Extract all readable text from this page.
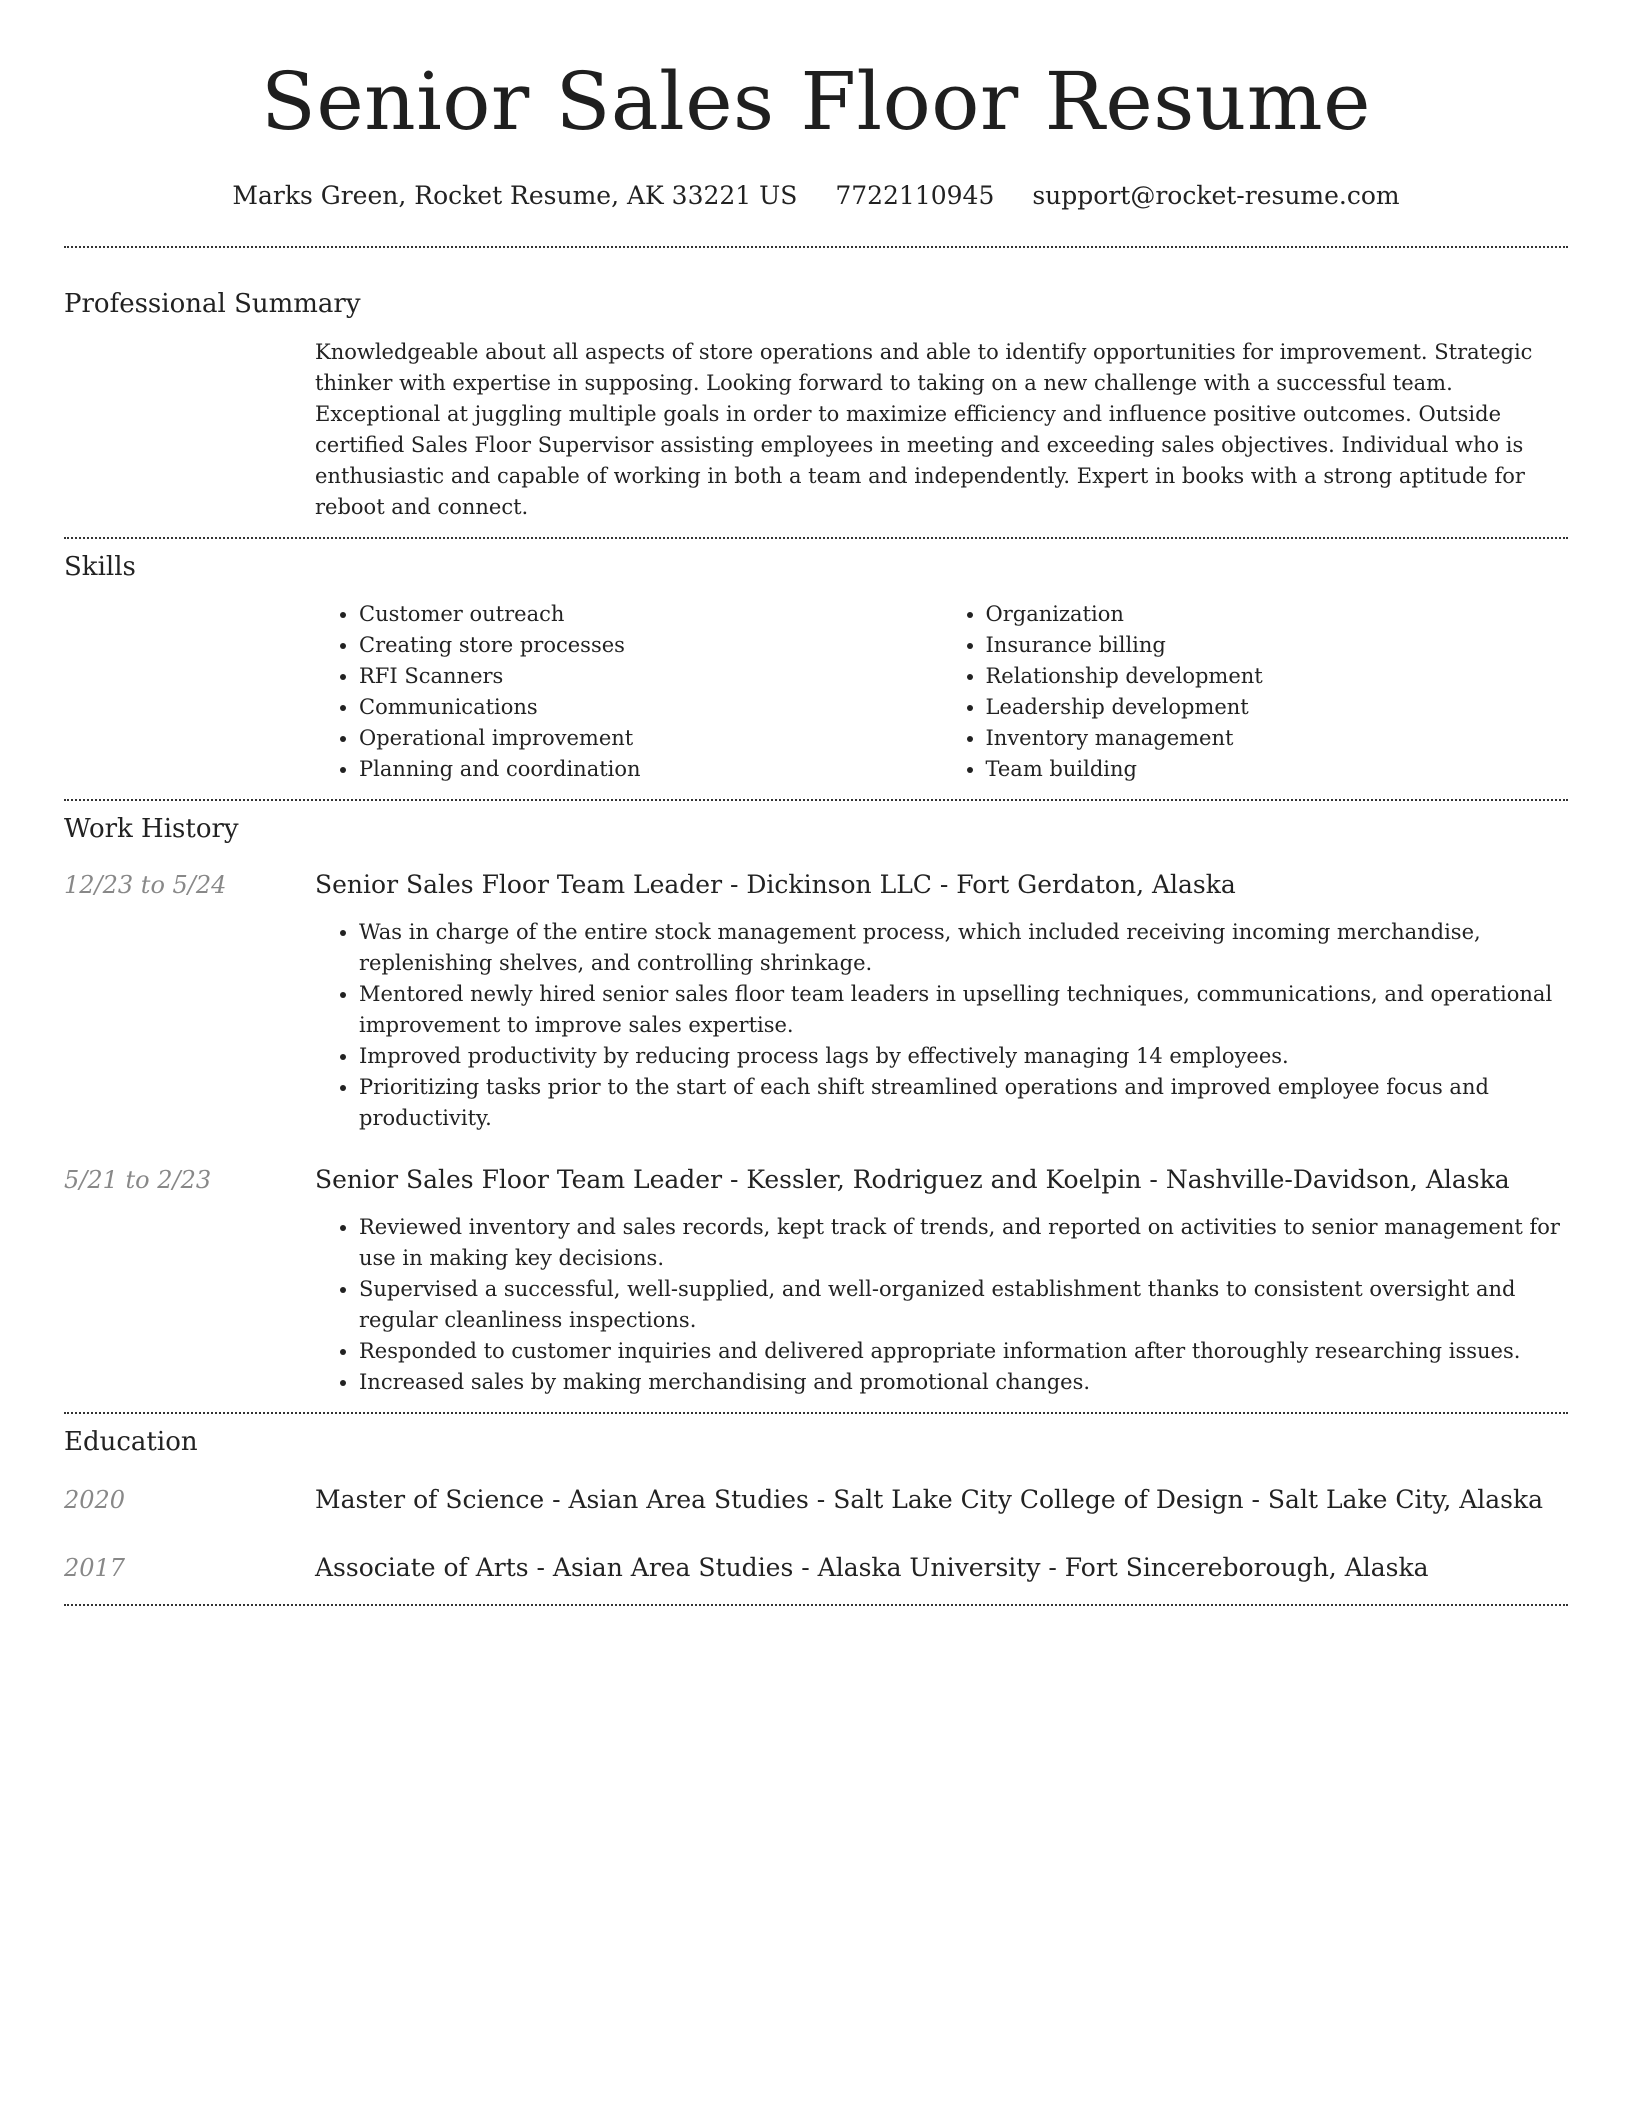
Senior Sales Floor Resume
Marks Green, Rocket Resume, AK 33221 US 7722110945 support@rocket-resume.com
Professional Summary

Knowledgeable about all aspects of store operations and able to identify opportunities for improvement. Strategic thinker with expertise in supposing. Looking forward to taking on a new challenge with a successful team. Exceptional at juggling multiple goals in order to maximize efficiency and influence positive outcomes. Outside certified Sales Floor Supervisor assisting employees in meeting and exceeding sales objectives. Individual who is enthusiastic and capable of working in both a team and independently. Expert in books with a strong aptitude for reboot and connect.

Skills
• Customer outreach
• Creating store processes
• RFI Scanners
• Communications
• Operational improvement
• Planning and coordination
• Organization
• Insurance billing
• Relationship development
• Leadership development
• Inventory management
• Team building
Work History
12/23 to 5/24	Senior Sales Floor Team Leader - Dickinson LLC - Fort Gerdaton, Alaska
• Was in charge of the entire stock management process, which included receiving incoming merchandise, replenishing shelves, and controlling shrinkage.
• Mentored newly hired senior sales floor team leaders in upselling techniques, communications, and operational improvement to improve sales expertise.
• Improved productivity by reducing process lags by effectively managing 14 employees.
• Prioritizing tasks prior to the start of each shift streamlined operations and improved employee focus and productivity.
5/21 to 2/23	Senior Sales Floor Team Leader - Kessler, Rodriguez and Koelpin - Nashville-Davidson, Alaska
• Reviewed inventory and sales records, kept track of trends, and reported on activities to senior management for use in making key decisions.
• Supervised a successful, well-supplied, and well-organized establishment thanks to consistent oversight and regular cleanliness inspections.
• Responded to customer inquiries and delivered appropriate information after thoroughly researching issues.
• Increased sales by making merchandising and promotional changes.
Education
2020	Master of Science - Asian Area Studies - Salt Lake City College of Design - Salt Lake City, Alaska
2017	Associate of Arts - Asian Area Studies - Alaska University - Fort Sincereborough, Alaska
